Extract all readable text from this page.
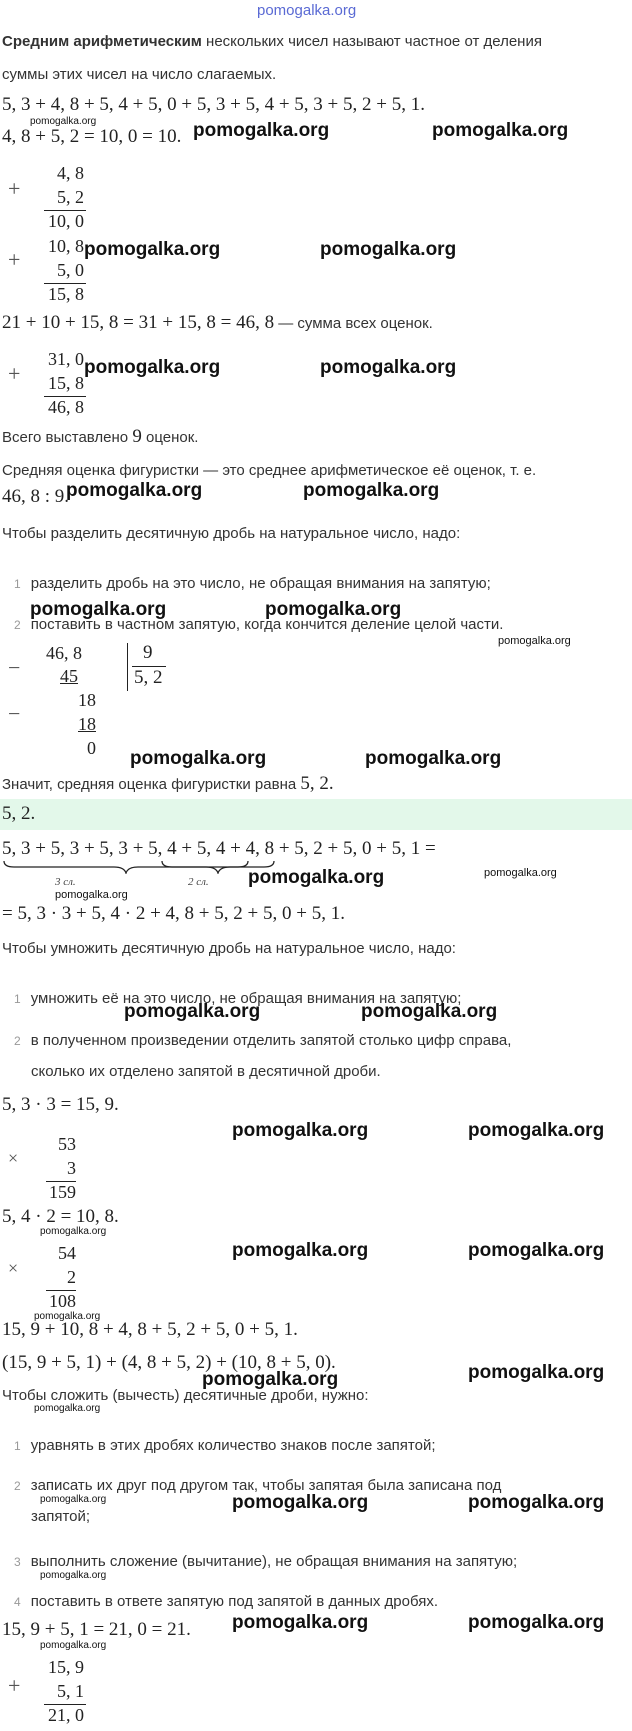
pomogalka.org
Средним арифметическим нескольких чисел называют частное от деления
суммы этих чисел на число слагаемых.
5, 3 + 4, 8 + 5, 4 + 5, 0 + 5, 3 + 5, 4 + 5, 3 + 5, 2 + 5, 1.
pomogalka.org
4, 8 + 5, 2 = 10, 0 = 10. pomogalka.org	pomogalka.org
+
4, 8
5, 2
10, 0
+
10, 8
5, 0
15, 8
pomogalka.org	pomogalka.org
21 + 10 + 15, 8 = 31 + 15, 8 = 46, 8 — сумма всех оценок.
+
31, 0
15, 8
46, 8
pomogalka.org	pomogalka.org
Всего выставлено 9 оценок.
Средняя оценка фигуристки — это среднее арифметическое её оценок, т. е.
46, 8 : 9.
pomogalka.org	pomogalka.org
Чтобы разделить десятичную дробь на натуральное число, надо:
1 разделить дробь на это число, не обращая внимания на запятую;
2 поставить в частном запятую, когда кончится деление целой части.
pomogalka.org	pomogalka.org
pomogalka.org
−
46, 8
45
9
5, 2
−
18
18
0 pomogalka.org	pomogalka.org
Значит, средняя оценка фигуристки равна 5, 2.
5, 2.
5, 3 + 5, 3 + 5, 3 + 5, 4 + 5, 4 + 4, 8 + 5, 2 + 5, 0 + 5, 1 =
3 сл.	2 сл. pomogalka.org	pomogalka.org
pomogalka.org
= 5, 3 · 3 + 5, 4 · 2 + 4, 8 + 5, 2 + 5, 0 + 5, 1.
Чтобы умножить десятичную дробь на натуральное число, надо:
1 умножить её на это число, не обращая внимания на запятую;
pomogalka.org	pomogalka.org
2 в полученном произведении отделить запятой столько цифр справа,
сколько их отделено запятой в десятичной дроби.
5, 3 · 3 = 15, 9.
pomogalka.org	pomogalka.org
×
53
3
159
5, 4 · 2 = 10, 8.
pomogalka.org
pomogalka.org	pomogalka.org
×
54
2
108
pomogalka.org
15, 9 + 10, 8 + 4, 8 + 5, 2 + 5, 0 + 5, 1.
(15, 9 + 5, 1) + (4, 8 + 5, 2) + (10, 8 + 5, 0).
pomogalka.org	pomogalka.org
Чтобы сложить (вычесть) десятичные дроби, нужно:
pomogalka.org
1 уравнять в этих дробях количество знаков после запятой;
2 записать их друг под другом так, чтобы запятая была записана под
pomogalka.org	pomogalka.org	pomogalka.org
запятой;
3 выполнить сложение (вычитание), не обращая внимания на запятую;
pomogalka.org
4 поставить в ответе запятую под запятой в данных дробях.
15, 9 + 5, 1 = 21, 0 = 21. pomogalka.org	pomogalka.org
pomogalka.org
+
15, 9
5, 1
21, 0
